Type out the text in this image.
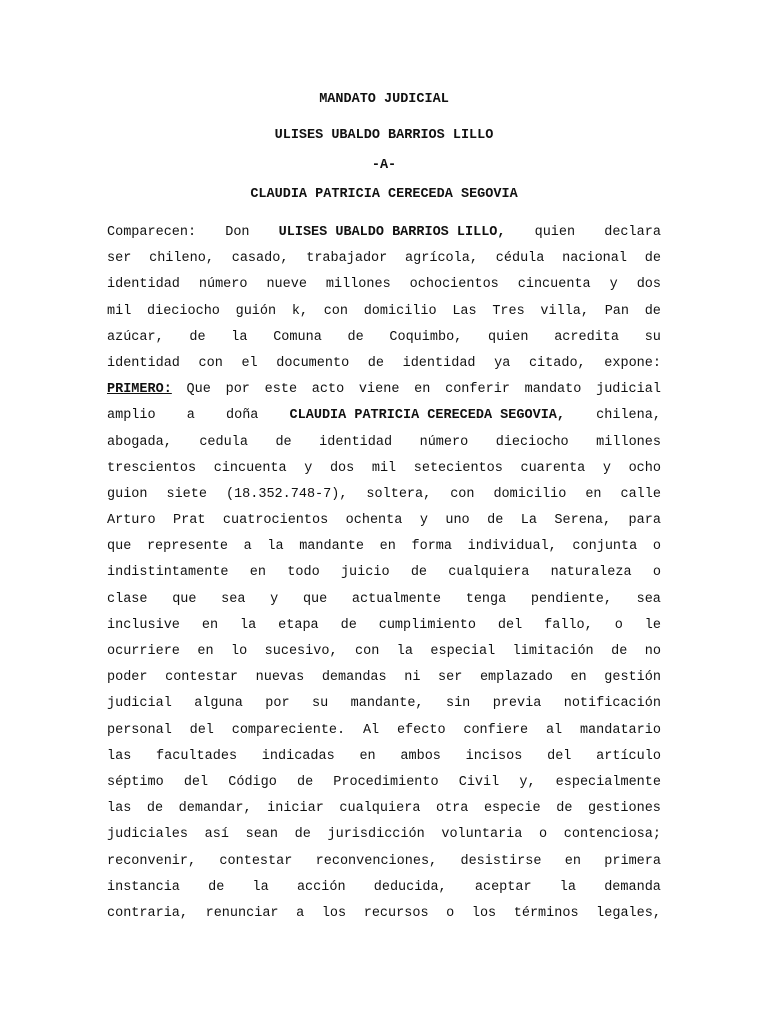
MANDATO JUDICIAL
ULISES UBALDO BARRIOS LILLO
-A-
CLAUDIA PATRICIA CERECEDA SEGOVIA
Comparecen: Don ULISES UBALDO BARRIOS LILLO, quien declara
ser chileno, casado, trabajador agrícola, cédula nacional de
identidad número nueve millones ochocientos cincuenta y dos
mil dieciocho guión k, con domicilio Las Tres villa, Pan de
azúcar, de la Comuna de Coquimbo, quien acredita su
identidad con el documento de identidad ya citado, expone:
PRIMERO: Que por este acto viene en conferir mandato judicial
amplio a doña CLAUDIA PATRICIA CERECEDA SEGOVIA, chilena,
abogada, cedula de identidad número dieciocho millones
trescientos cincuenta y dos mil setecientos cuarenta y ocho
guion siete (18.352.748-7), soltera, con domicilio en calle
Arturo Prat cuatrocientos ochenta y uno de La Serena, para
que represente a la mandante en forma individual, conjunta o
indistintamente en todo juicio de cualquiera naturaleza o
clase que sea y que actualmente tenga pendiente, sea
inclusive en la etapa de cumplimiento del fallo, o le
ocurriere en lo sucesivo, con la especial limitación de no
poder contestar nuevas demandas ni ser emplazado en gestión
judicial alguna por su mandante, sin previa notificación
personal del compareciente. Al efecto confiere al mandatario
las facultades indicadas en ambos incisos del artículo
séptimo del Código de Procedimiento Civil y, especialmente
las de demandar, iniciar cualquiera otra especie de gestiones
judiciales así sean de jurisdicción voluntaria o contenciosa;
reconvenir, contestar reconvenciones, desistirse en primera
instancia de la acción deducida, aceptar la demanda
contraria, renunciar a los recursos o los términos legales,
